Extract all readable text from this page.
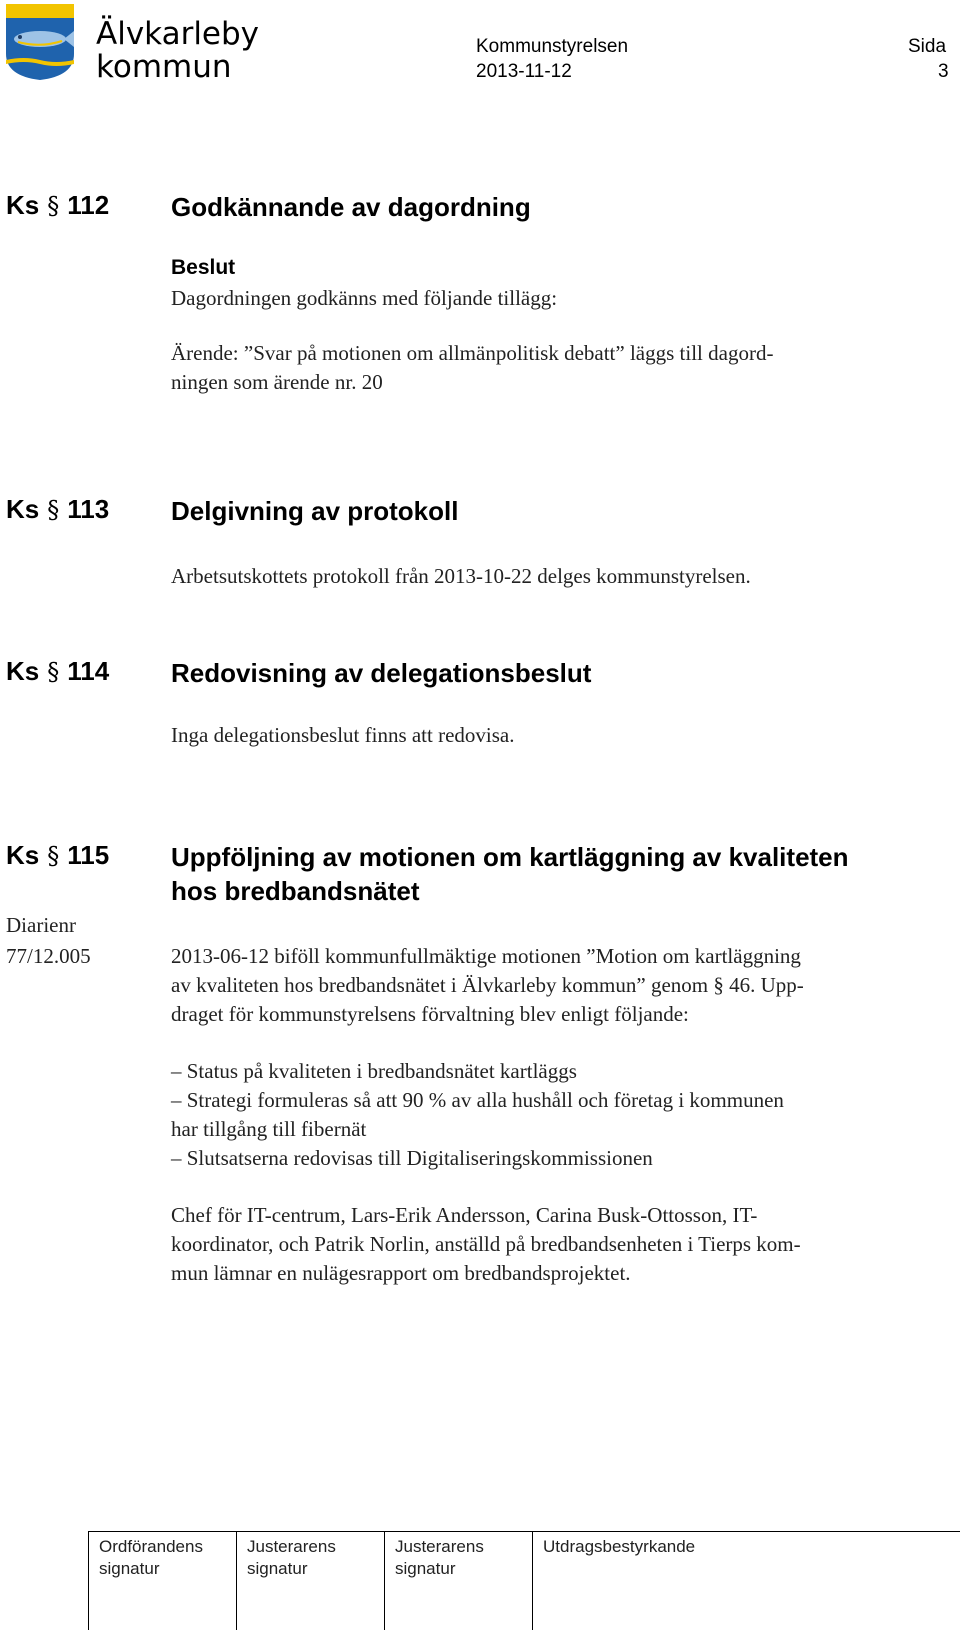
Älvkarleby
kommun
Kommunstyrelsen
2013-11-12
Sida
3
Ks § 112 Godkännande av dagordning
Beslut
Dagordningen godkänns med följande tillägg:
Ärende: ”Svar på motionen om allmänpolitisk debatt” läggs till dagord-
ningen som ärende nr. 20
Ks § 113 Delgivning av protokoll
Arbetsutskottets protokoll från 2013-10-22 delges kommunstyrelsen.
Ks § 114 Redovisning av delegationsbeslut
Inga delegationsbeslut finns att redovisa.
Ks § 115 Uppföljning av motionen om kartläggning av kvaliteten
hos bredbandsnätet
Diarienr
77/12.005	2013-06-12 biföll kommunfullmäktige motionen ”Motion om kartläggning

av kvaliteten hos bredbandsnätet i Älvkarleby kommun” genom § 46. Upp-

draget för kommunstyrelsens förvaltning blev enligt följande:

– Status på kvaliteten i bredbandsnätet kartläggs

– Strategi formuleras så att 90 % av alla hushåll och företag i kommunen

har tillgång till fibernät

– Slutsatserna redovisas till Digitaliseringskommissionen

Chef för IT-centrum, Lars-Erik Andersson, Carina Busk-Ottosson, IT-

koordinator, och Patrik Norlin, anställd på bredbandsenheten i Tierps kom-

mun lämnar en nulägesrapport om bredbandsprojektet.

Ordförandens
signatur
Justerarens
signatur
Justerarens
signatur
Utdragsbestyrkande
